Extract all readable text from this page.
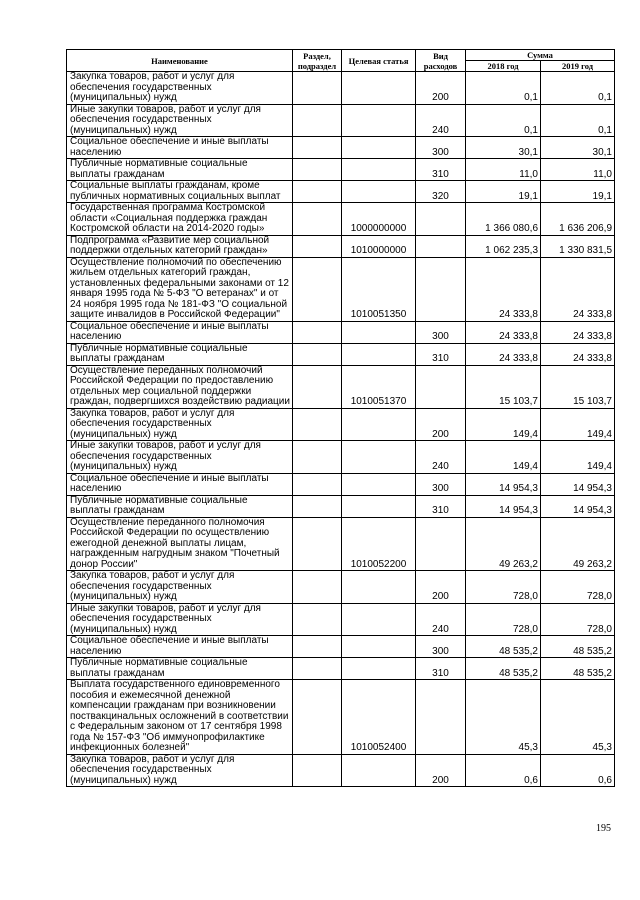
Наименование	Раздел, подраздел	Целевая статья	Вид расходов	Сумма	
				2018 год	2019 год
Закупка товаров, работ и услуг для обеспечения государственных (муниципальных) нужд			200	0,1	0,1
Иные закупки товаров, работ и услуг для обеспечения государственных (муниципальных) нужд			240	0,1	0,1
Социальное обеспечение и иные выплаты населению			300	30,1	30,1
Публичные нормативные социальные выплаты гражданам			310	11,0	11,0
Социальные выплаты гражданам, кроме публичных нормативных социальных выплат			320	19,1	19,1
Государственная программа Костромской области «Социальная поддержка граждан Костромской области на 2014-2020 годы»		1000000000		1 366 080,6	1 636 206,9
Подпрограмма «Развитие мер социальной поддержки отдельных категорий граждан»		1010000000		1 062 235,3	1 330 831,5
Осуществление полномочий по обеспечению жильем отдельных категорий граждан, установленных федеральными законами от 12 января 1995 года № 5-ФЗ "О ветеранах" и от 24 ноября 1995 года № 181-ФЗ "О социальной защите инвалидов в Российской Федерации"		1010051350		24 333,8	24 333,8
Социальное обеспечение и иные выплаты населению			300	24 333,8	24 333,8
Публичные нормативные социальные выплаты гражданам			310	24 333,8	24 333,8
Осуществление переданных полномочий Российской Федерации по предоставлению отдельных мер социальной поддержки граждан, подвергшихся воздействию радиации		1010051370		15 103,7	15 103,7
Закупка товаров, работ и услуг для обеспечения государственных (муниципальных) нужд			200	149,4	149,4
Иные закупки товаров, работ и услуг для обеспечения государственных (муниципальных) нужд			240	149,4	149,4
Социальное обеспечение и иные выплаты населению			300	14 954,3	14 954,3
Публичные нормативные социальные выплаты гражданам			310	14 954,3	14 954,3
Осуществление переданного полномочия Российской Федерации по осуществлению ежегодной денежной выплаты лицам, награжденным нагрудным знаком "Почетный донор России"		1010052200		49 263,2	49 263,2
Закупка товаров, работ и услуг для обеспечения государственных (муниципальных) нужд			200	728,0	728,0
Иные закупки товаров, работ и услуг для обеспечения государственных (муниципальных) нужд			240	728,0	728,0
Социальное обеспечение и иные выплаты населению			300	48 535,2	48 535,2
Публичные нормативные социальные выплаты гражданам			310	48 535,2	48 535,2
Выплата государственного единовременного пособия и ежемесячной денежной компенсации гражданам при возникновении поствакцинальных осложнений в соответствии с Федеральным законом от 17 сентября 1998 года № 157-ФЗ "Об иммунопрофилактике инфекционных болезней"		1010052400		45,3	45,3
Закупка товаров, работ и услуг для обеспечения государственных (муниципальных) нужд			200	0,6	0,6
195
